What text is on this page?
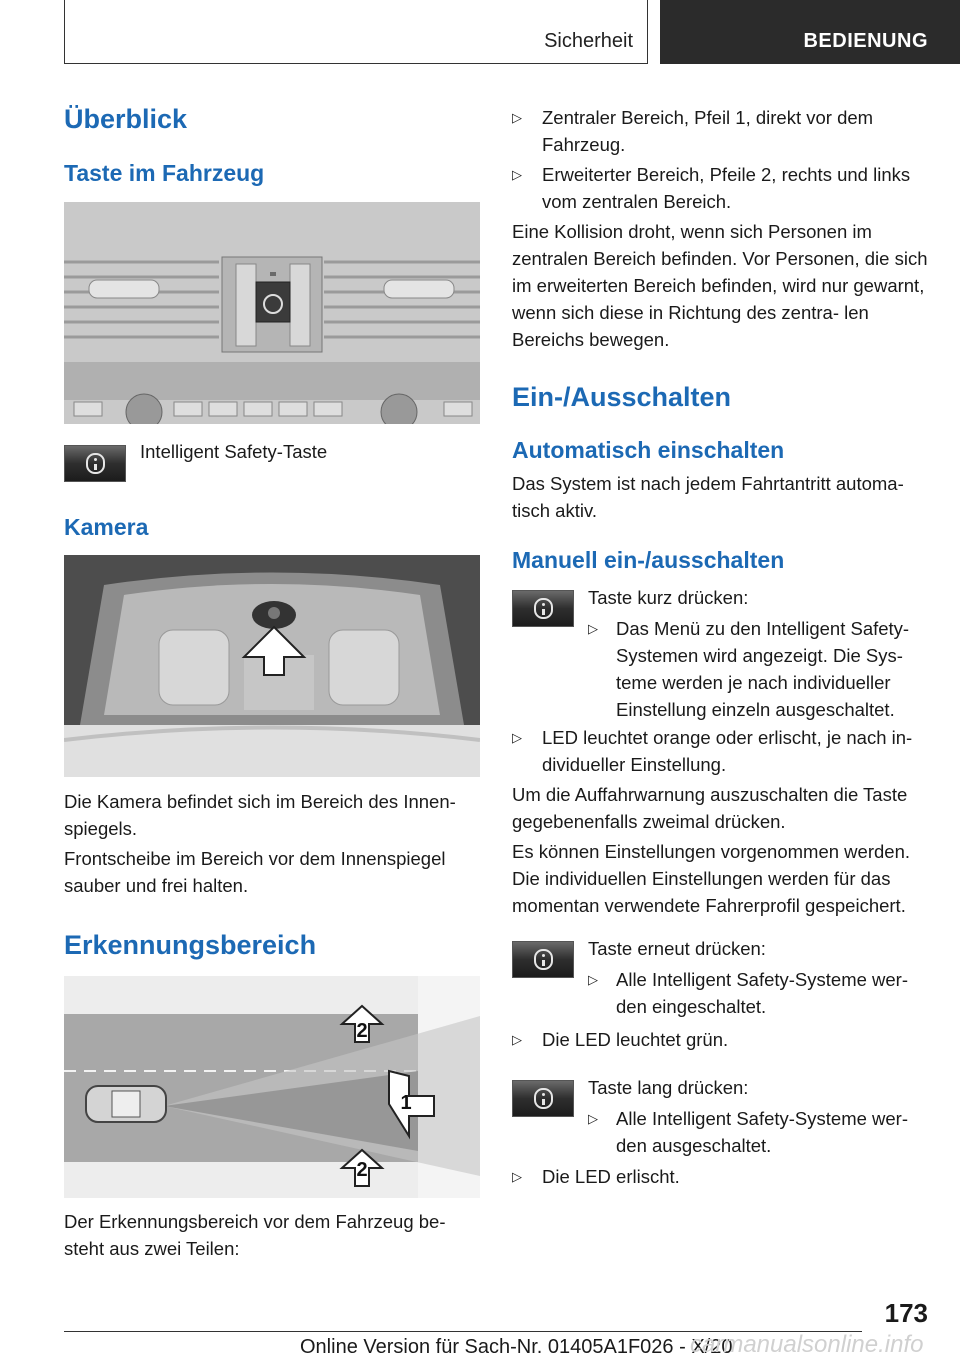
Sicherheit	BEDIENUNG
Überblick
Taste im Fahrzeug
Intelligent Safety-Taste
Kamera

Die Kamera befindet sich im Bereich des Innen‐ spiegels.

Frontscheibe im Bereich vor dem Innenspiegel sauber und frei halten.

Erkennungsbereich
2
1
2

Der Erkennungsbereich vor dem Fahrzeug be‐ steht aus zwei Teilen:

▷ Zentraler Bereich, Pfeil 1, direkt vor dem Fahrzeug.
▷ Erweiterter Bereich, Pfeile 2, rechts und links vom zentralen Bereich.

Eine Kollision droht, wenn sich Personen im zentralen Bereich befinden. Vor Personen, die sich im erweiterten Bereich befinden, wird nur gewarnt, wenn sich diese in Richtung des zentra‐ len Bereichs bewegen.

Ein-/Ausschalten
Automatisch einschalten

Das System ist nach jedem Fahrtantritt automa‐ tisch aktiv.

Manuell ein-/ausschalten
Taste kurz drücken:
▷ Das Menü zu den Intelligent Safety- Systemen wird angezeigt. Die Sys‐ teme werden je nach individueller Einstellung einzeln ausgeschaltet.
▷ LED leuchtet orange oder erlischt, je nach in‐ dividueller Einstellung.

Um die Auffahrwarnung auszuschalten die Taste gegebenenfalls zweimal drücken.

Es können Einstellungen vorgenommen werden. Die individuellen Einstellungen werden für das momentan verwendete Fahrerprofil gespeichert.

Taste erneut drücken:
▷ Alle Intelligent Safety-Systeme wer‐ den eingeschaltet.
▷ Die LED leuchtet grün.
Taste lang drücken:
▷ Alle Intelligent Safety-Systeme wer‐ den ausgeschaltet.
▷ Die LED erlischt.
173
Online Version für Sach-Nr. 01405A1F026 - X/20
carmanualsonline.info
